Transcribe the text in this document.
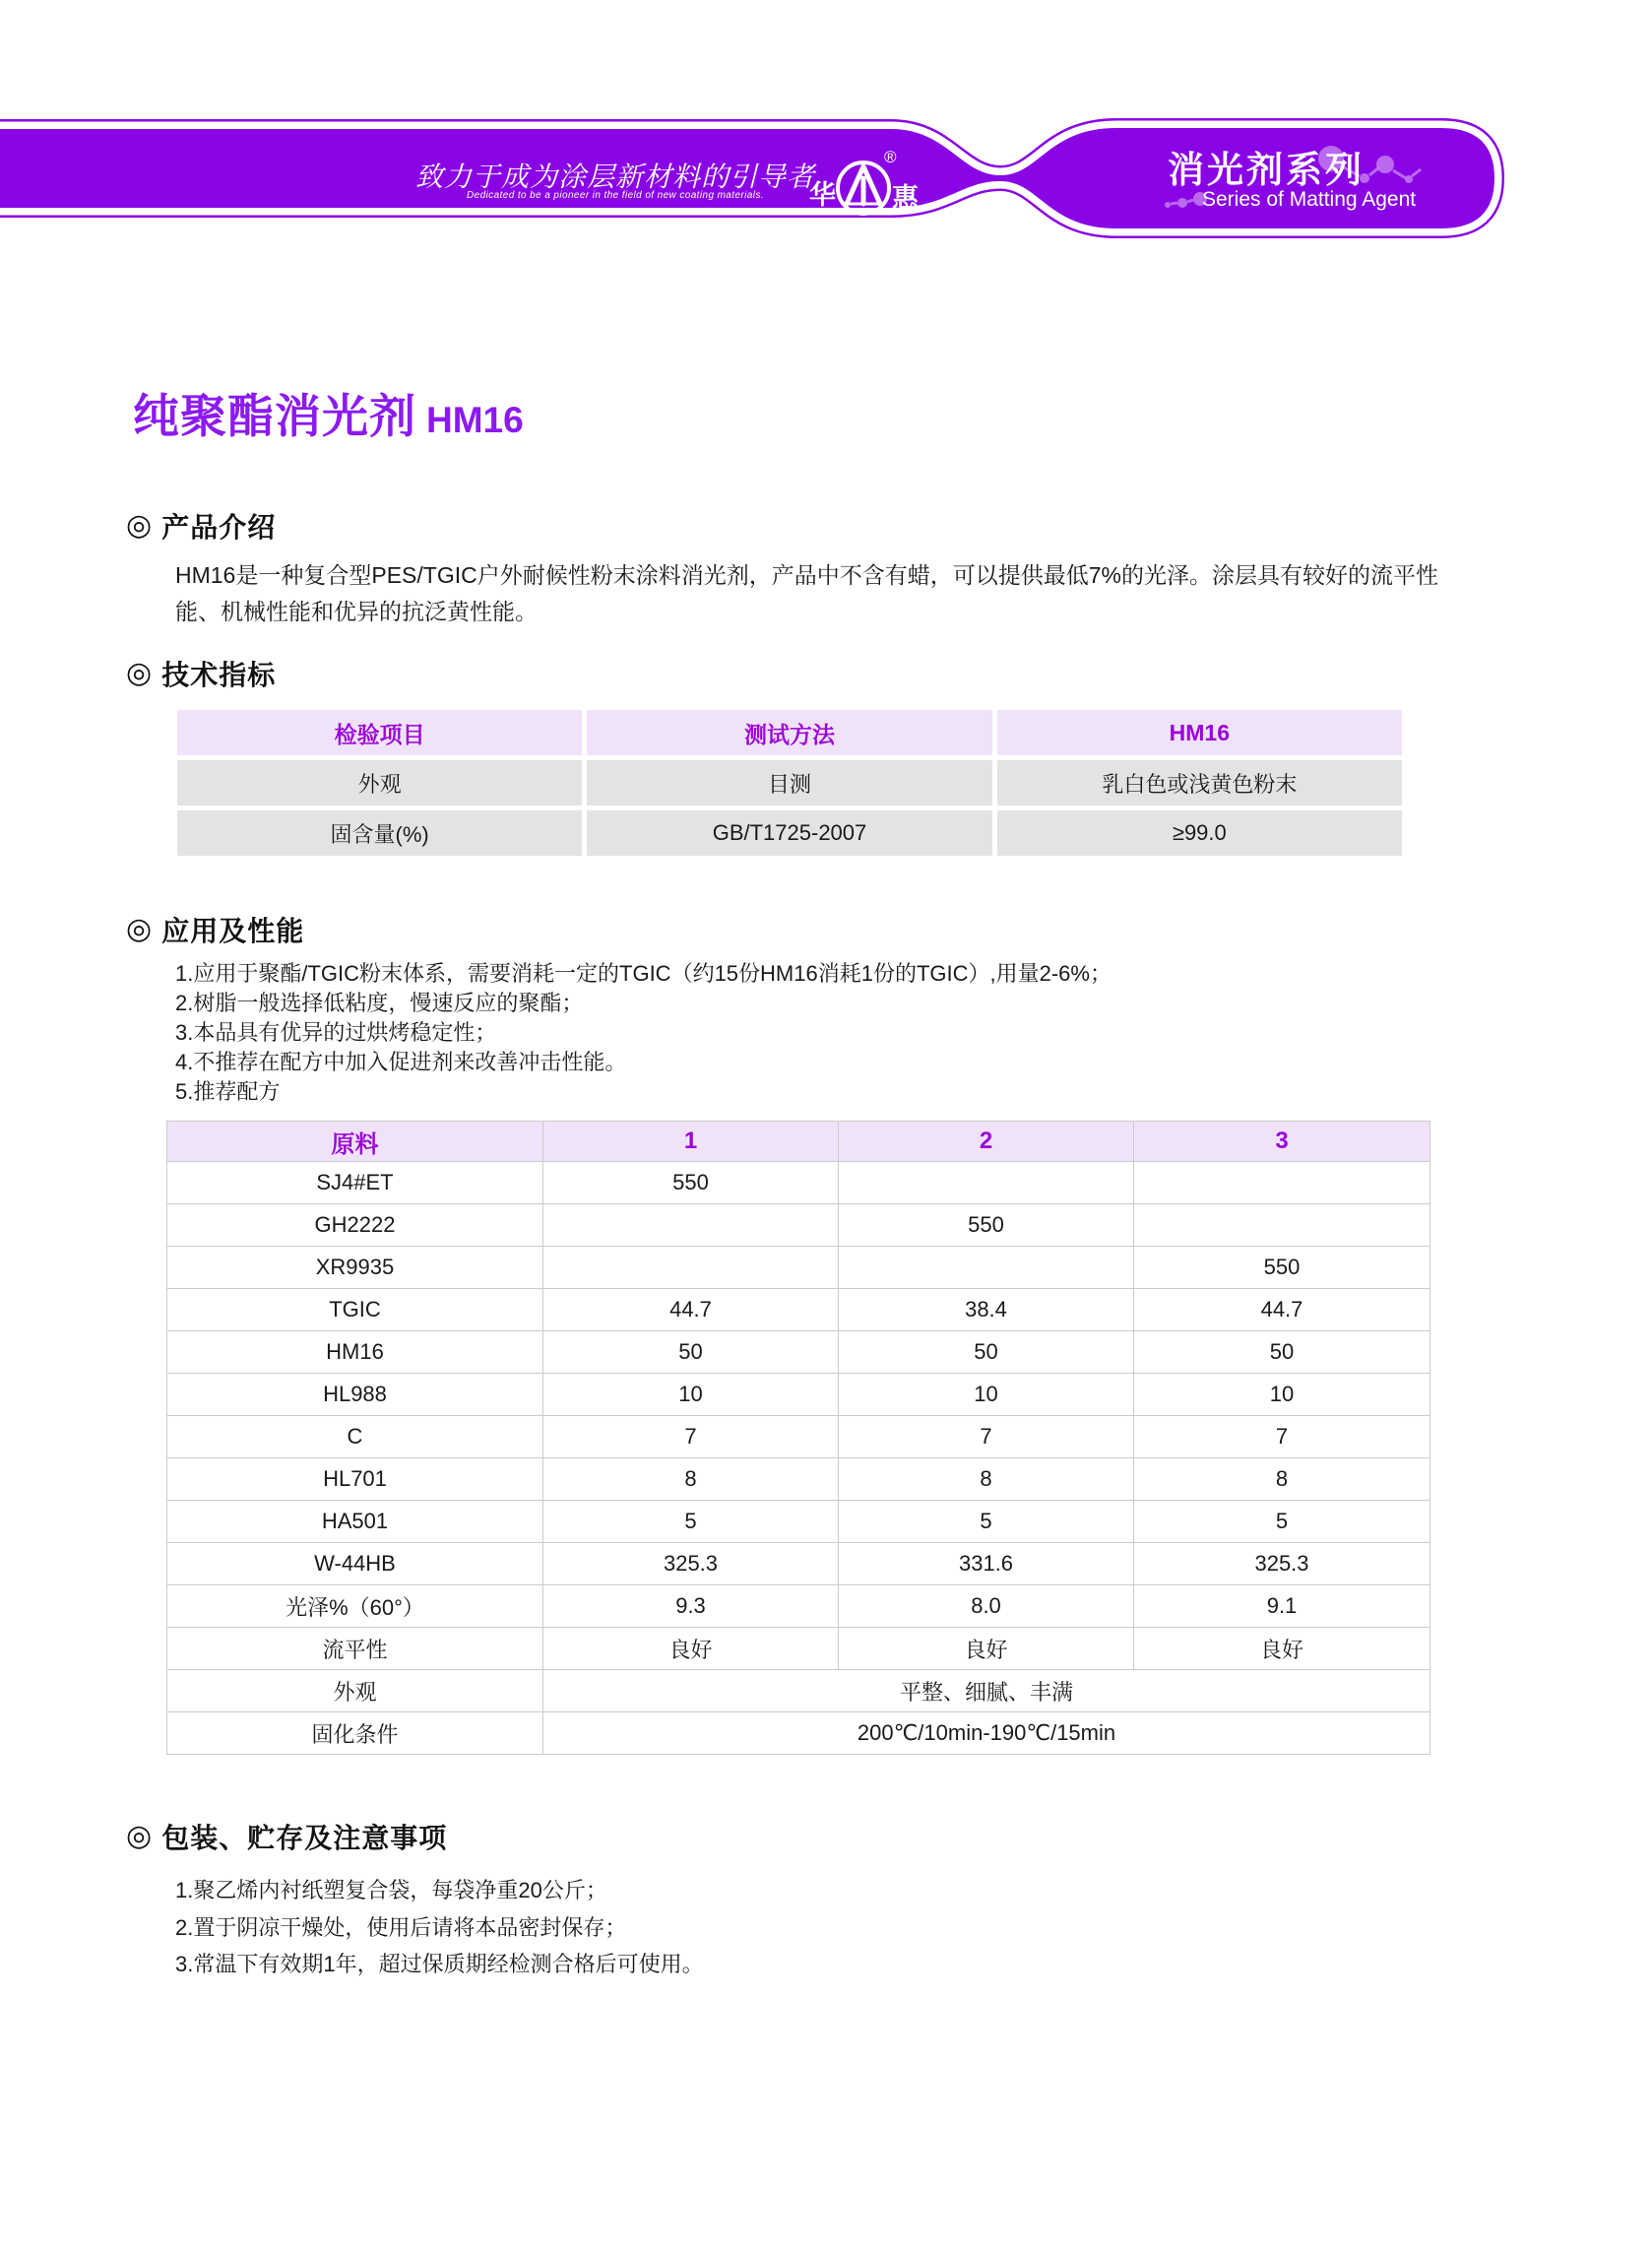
致力于成为涂层新材料的引导者
Dedicated to be a pioneer in the field of new coating materials.	华 惠
®	消光剂系列
Series of Matting Agent
纯聚酯消光剂 HM16
◎ 产品介绍
HM16是一种复合型PES/TGIC户外耐候性粉末涂料消光剂，产品中不含有蜡，可以提供最低7%的光泽。涂层具有较好的流平性能、机械性能和优异的抗泛黄性能。
◎ 技术指标
检验项目	测试方法	HM16
外观	目测	乳白色或浅黄色粉末
固含量(%)	GB/T1725-2007	≥99.0
◎ 应用及性能
1.应用于聚酯/TGIC粉末体系，需要消耗一定的TGIC（约15份HM16消耗1份的TGIC）,用量2-6%；
2.树脂一般选择低粘度，慢速反应的聚酯；
3.本品具有优异的过烘烤稳定性；
4.不推荐在配方中加入促进剂来改善冲击性能。
5.推荐配方
原料	1	2	3
SJ4#ET	550		
GH2222		550	
XR9935			550
TGIC	44.7	38.4	44.7
HM16	50	50	50
HL988	10	10	10
C	7	7	7
HL701	8	8	8
HA501	5	5	5
W-44HB	325.3	331.6	325.3
光泽%（60°）	9.3	8.0	9.1
流平性	良好	良好	良好
外观	平整、细腻、丰满		
固化条件	200℃/10min-190℃/15min		
◎ 包装、贮存及注意事项
1.聚乙烯内衬纸塑复合袋，每袋净重20公斤；
2.置于阴凉干燥处，使用后请将本品密封保存；
3.常温下有效期1年，超过保质期经检测合格后可使用。
